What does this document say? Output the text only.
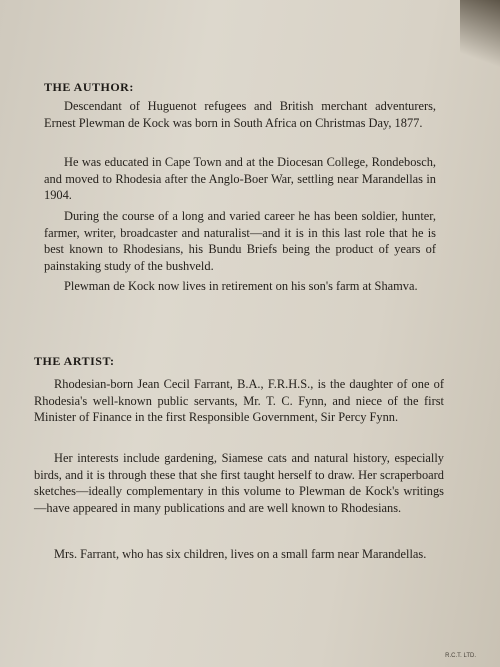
THE AUTHOR:

Descendant of Huguenot refugees and British merchant adventurers, Ernest Plewman de Kock was born in South Africa on Christmas Day, 1877.

He was educated in Cape Town and at the Diocesan College, Rondebosch, and moved to Rhodesia after the Anglo-Boer War, settling near Marandellas in 1904.

During the course of a long and varied career he has been soldier, hunter, farmer, writer, broadcaster and naturalist—and it is in this last role that he is best known to Rhodesians, his Bundu Briefs being the product of years of painstaking study of the bushveld.

Plewman de Kock now lives in retirement on his son's farm at Shamva.

THE ARTIST:

Rhodesian-born Jean Cecil Farrant, B.A., F.R.H.S., is the daughter of one of Rhodesia's well-known public servants, Mr. T. C. Fynn, and niece of the first Minister of Finance in the first Responsible Government, Sir Percy Fynn.

Her interests include gardening, Siamese cats and natural history, especially birds, and it is through these that she first taught herself to draw. Her scraperboard sketches—ideally complementary in this volume to Plewman de Kock's writings—have appeared in many publications and are well known to Rhodesians.

Mrs. Farrant, who has six children, lives on a small farm near Marandellas.

R.C.T. LTD.
